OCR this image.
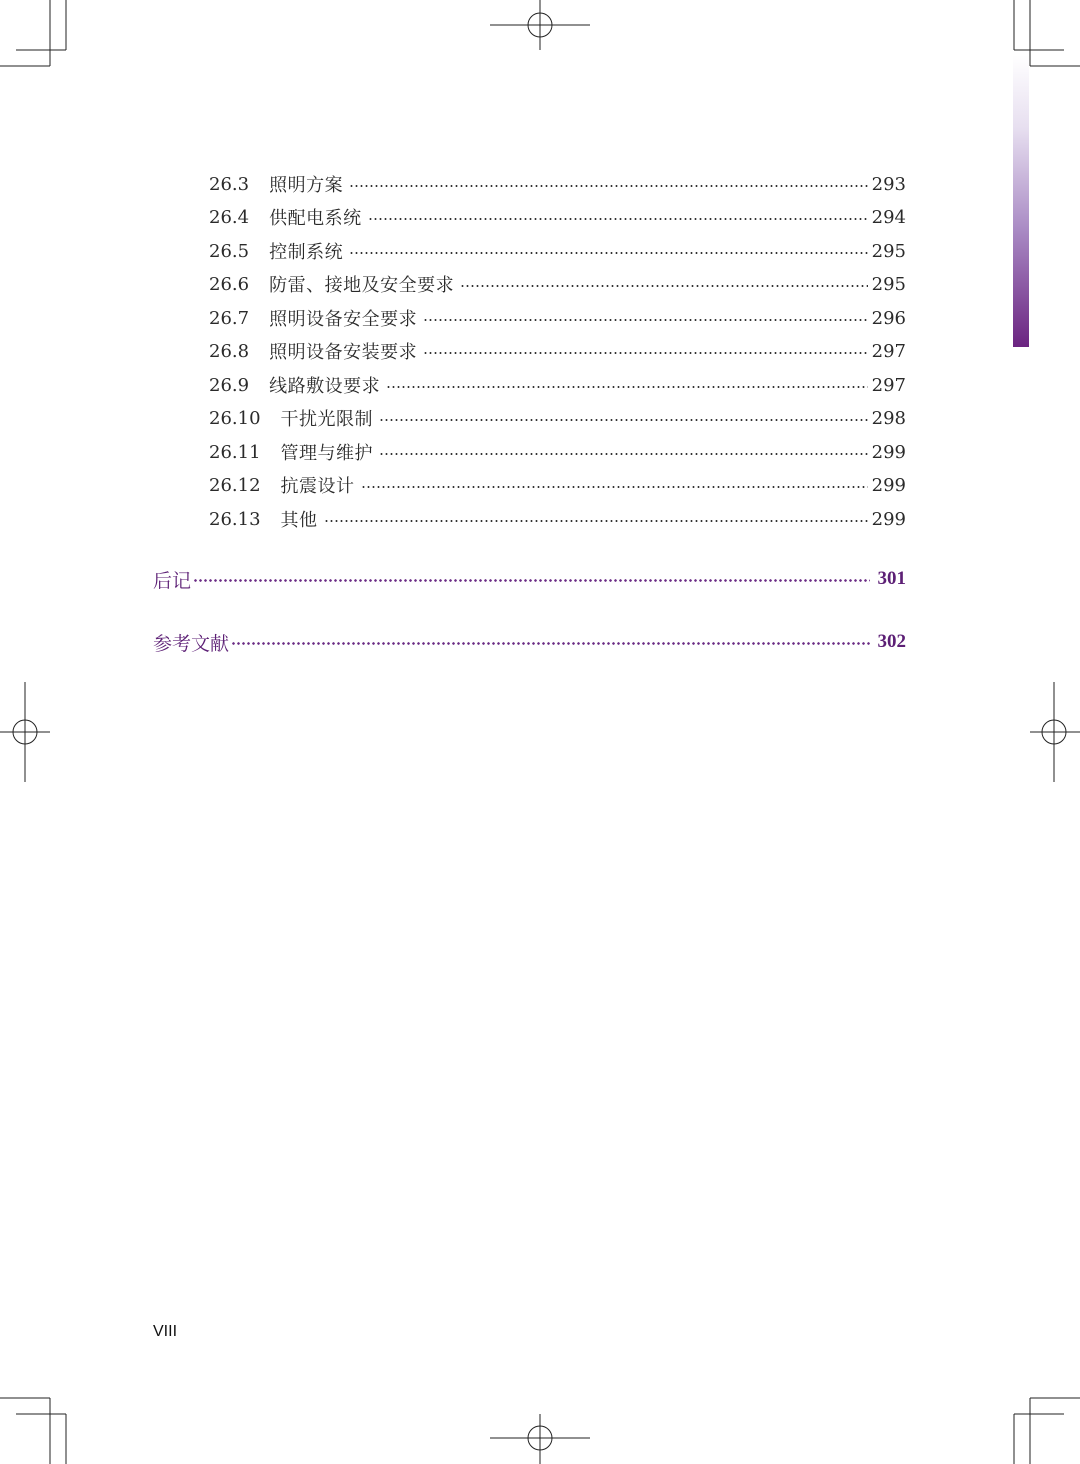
26.3 照明方案	293
26.4 供配电系统	294
26.5 控制系统	295
26.6 防雷、接地及安全要求	295
26.7 照明设备安全要求	296
26.8 照明设备安装要求	297
26.9 线路敷设要求	297
26.10 干扰光限制	298
26.11 管理与维护	299
26.12 抗震设计	299
26.13 其他	299
后记	301
参考文献	302
VIII
